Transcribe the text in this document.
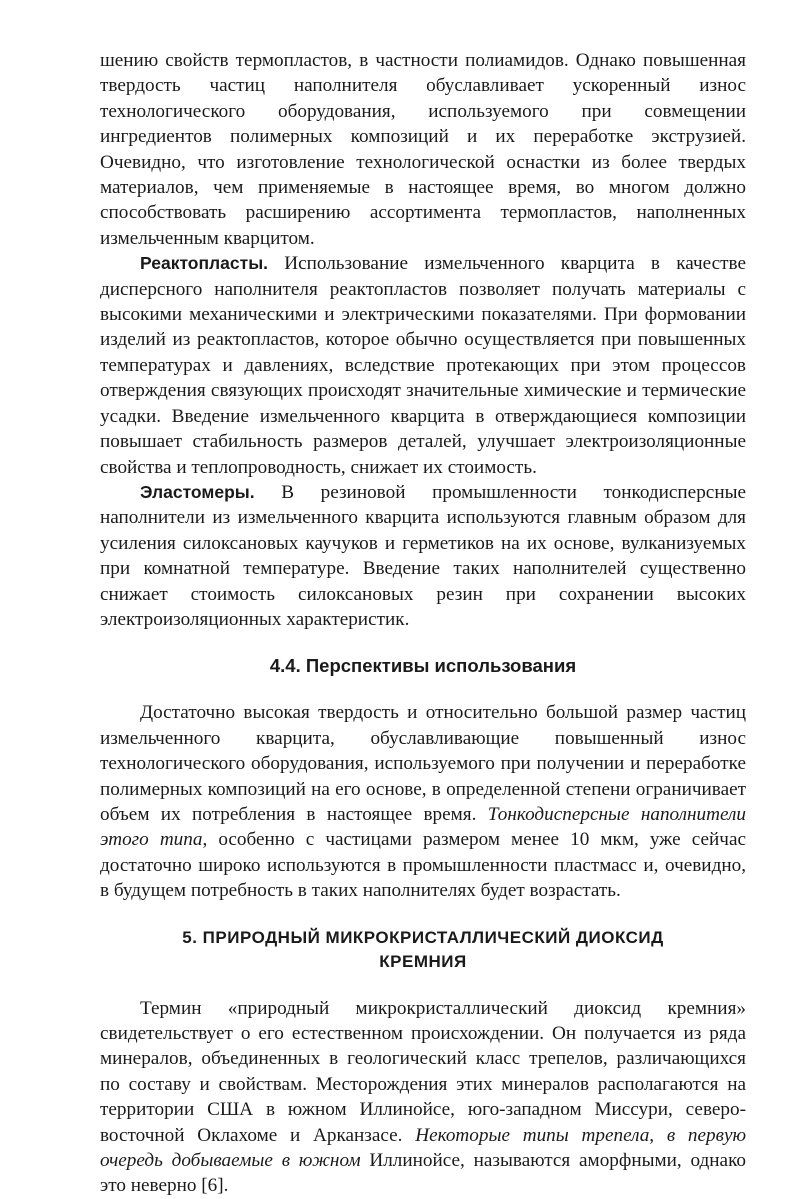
шению свойств термопластов, в частности полиамидов. Однако повышенная твердость частиц наполнителя обуславливает ускоренный износ технологического оборудования, используемого при совмещении ингредиентов полимерных композиций и их переработке экструзией. Очевидно, что изготовление технологической оснастки из более твердых материалов, чем применяемые в настоящее время, во многом должно способствовать расширению ассортимента термопластов, наполненных измельченным кварцитом.

Реактопласты. Использование измельченного кварцита в качестве дисперсного наполнителя реактопластов позволяет получать материалы с высокими механическими и электрическими показателями. При формовании изделий из реактопластов, которое обычно осуществляется при повышенных температурах и давлениях, вследствие протекающих при этом процессов отверждения связующих происходят значительные химические и термические усадки. Введение измельченного кварцита в отверждающиеся композиции повышает стабильность размеров деталей, улучшает электроизоляционные свойства и теплопроводность, снижает их стоимость.

Эластомеры. В резиновой промышленности тонкодисперсные наполнители из измельченного кварцита используются главным образом для усиления силоксановых каучуков и герметиков на их основе, вулканизуемых при комнатной температуре. Введение таких наполнителей существенно снижает стоимость силоксановых резин при сохранении высоких электроизоляционных характеристик.

4.4. Перспективы использования

Достаточно высокая твердость и относительно большой размер частиц измельченного кварцита, обуславливающие повышенный износ технологического оборудования, используемого при получении и переработке полимерных композиций на его основе, в определенной степени ограничивает объем их потребления в настоящее время. Тонкодисперсные наполнители этого типа, особенно с частицами размером менее 10 мкм, уже сейчас достаточно широко используются в промышленности пластмасс и, очевидно, в будущем потребность в таких наполнителях будет возрастать.

5. ПРИРОДНЫЙ МИКРОКРИСТАЛЛИЧЕСКИЙ ДИОКСИД
КРЕМНИЯ

Термин «природный микрокристаллический диоксид кремния» свидетельствует о его естественном происхождении. Он получается из ряда минералов, объединенных в геологический класс трепелов, различающихся по составу и свойствам. Месторождения этих минералов располагаются на территории США в южном Иллинойсе, юго-западном Миссури, северо-восточной Оклахоме и Арканзасе. Некоторые типы трепела, в первую очередь добываемые в южном Иллинойсе, называются аморфными, однако это неверно [6].
